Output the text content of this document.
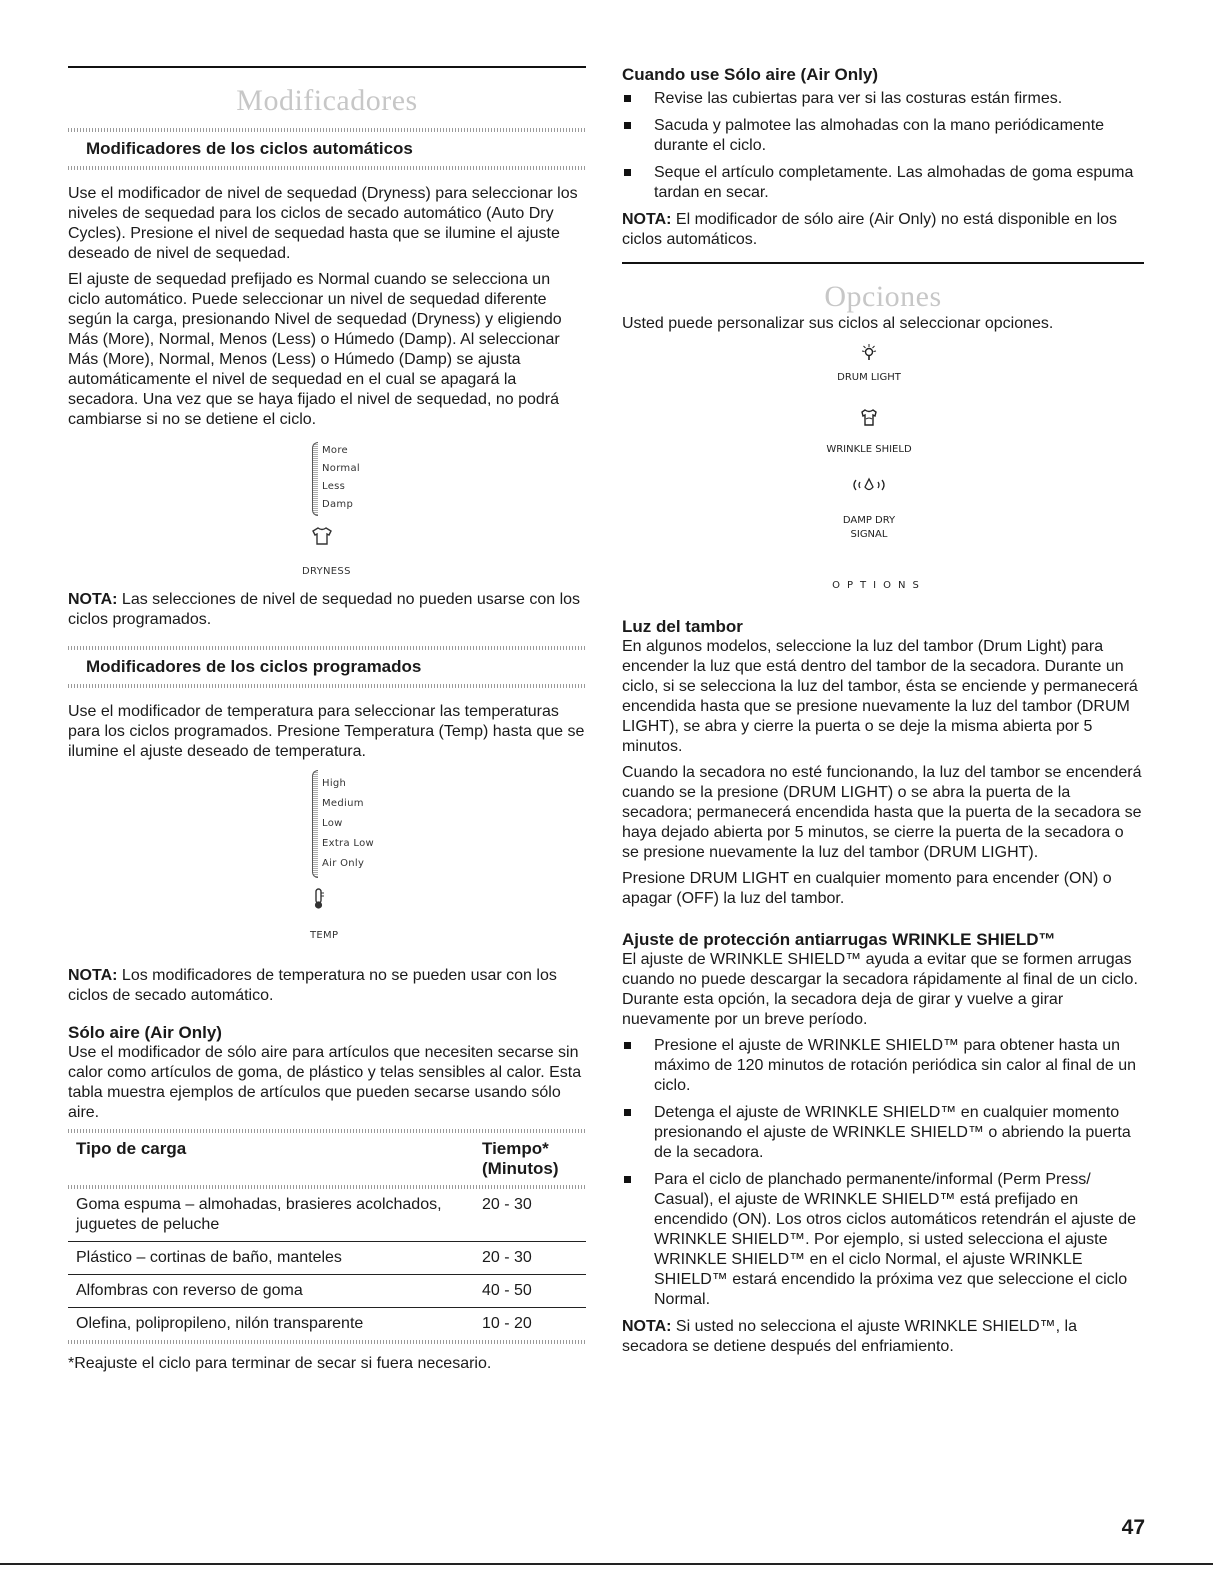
Modificadores
Modificadores de los ciclos automáticos

Use el modificador de nivel de sequedad (Dryness) para seleccionar los niveles de sequedad para los ciclos de secado automático (Auto Dry Cycles). Presione el nivel de sequedad hasta que se ilumine el ajuste deseado de nivel de sequedad.

El ajuste de sequedad prefijado es Normal cuando se selecciona un ciclo automático. Puede seleccionar un nivel de sequedad diferente según la carga, presionando Nivel de sequedad (Dryness) y eligiendo Más (More), Normal, Menos (Less) o Húmedo (Damp). Al seleccionar Más (More), Normal, Menos (Less) o Húmedo (Damp) se ajusta automáticamente el nivel de sequedad en el cual se apagará la secadora. Una vez que se haya fijado el nivel de sequedad, no podrá cambiarse si no se detiene el ciclo.

More
Normal
Less
Damp
DRYNESS

NOTA: Las selecciones de nivel de sequedad no pueden usarse con los ciclos programados.

Modificadores de los ciclos programados

Use el modificador de temperatura para seleccionar las temperaturas para los ciclos programados. Presione Temperatura (Temp) hasta que se ilumine el ajuste deseado de temperatura.

High
Medium
Low
Extra Low
Air Only
TEMP

NOTA: Los modificadores de temperatura no se pueden usar con los ciclos de secado automático.

Sólo aire (Air Only)

Use el modificador de sólo aire para artículos que necesiten secarse sin calor como artículos de goma, de plástico y telas sensibles al calor. Esta tabla muestra ejemplos de artículos que pueden secarse usando sólo aire.

Tipo de carga	Tiempo*
(Minutos)
Goma espuma – almohadas, brasieres acolchados, juguetes de peluche	20 - 30
Plástico – cortinas de baño, manteles	20 - 30
Alfombras con reverso de goma	40 - 50
Olefina, polipropileno, nilón transparente	10 - 20

*Reajuste el ciclo para terminar de secar si fuera necesario.

Cuando use Sólo aire (Air Only)
Revise las cubiertas para ver si las costuras están firmes.
Sacuda y palmotee las almohadas con la mano periódicamente durante el ciclo.
Seque el artículo completamente. Las almohadas de goma espuma tardan en secar.

NOTA: El modificador de sólo aire (Air Only) no está disponible en los ciclos automáticos.

Opciones

Usted puede personalizar sus ciclos al seleccionar opciones.

DRUM LIGHT
WRINKLE SHIELD
DAMP DRY
SIGNAL
OPTIONS
Luz del tambor

En algunos modelos, seleccione la luz del tambor (Drum Light) para encender la luz que está dentro del tambor de la secadora. Durante un ciclo, si se selecciona la luz del tambor, ésta se enciende y permanecerá encendida hasta que se presione nuevamente la luz del tambor (DRUM LIGHT), se abra y cierre la puerta o se deje la misma abierta por 5 minutos.

Cuando la secadora no esté funcionando, la luz del tambor se encenderá cuando se la presione (DRUM LIGHT) o se abra la puerta de la secadora; permanecerá encendida hasta que la puerta de la secadora se haya dejado abierta por 5 minutos, se cierre la puerta de la secadora o se presione nuevamente la luz del tambor (DRUM LIGHT).

Presione DRUM LIGHT en cualquier momento para encender (ON) o apagar (OFF) la luz del tambor.

Ajuste de protección antiarrugas WRINKLE SHIELD™

El ajuste de WRINKLE SHIELD™ ayuda a evitar que se formen arrugas cuando no puede descargar la secadora rápidamente al final de un ciclo. Durante esta opción, la secadora deja de girar y vuelve a girar nuevamente por un breve período.

Presione el ajuste de WRINKLE SHIELD™ para obtener hasta un máximo de 120 minutos de rotación periódica sin calor al final de un ciclo.
Detenga el ajuste de WRINKLE SHIELD™ en cualquier momento presionando el ajuste de WRINKLE SHIELD™ o abriendo la puerta de la secadora.
Para el ciclo de planchado permanente/informal (Perm Press/ Casual), el ajuste de WRINKLE SHIELD™ está prefijado en encendido (ON). Los otros ciclos automáticos retendrán el ajuste de WRINKLE SHIELD™. Por ejemplo, si usted selecciona el ajuste WRINKLE SHIELD™ en el ciclo Normal, el ajuste WRINKLE SHIELD™ estará encendido la próxima vez que seleccione el ciclo Normal.

NOTA: Si usted no selecciona el ajuste WRINKLE SHIELD™, la secadora se detiene después del enfriamiento.

47
